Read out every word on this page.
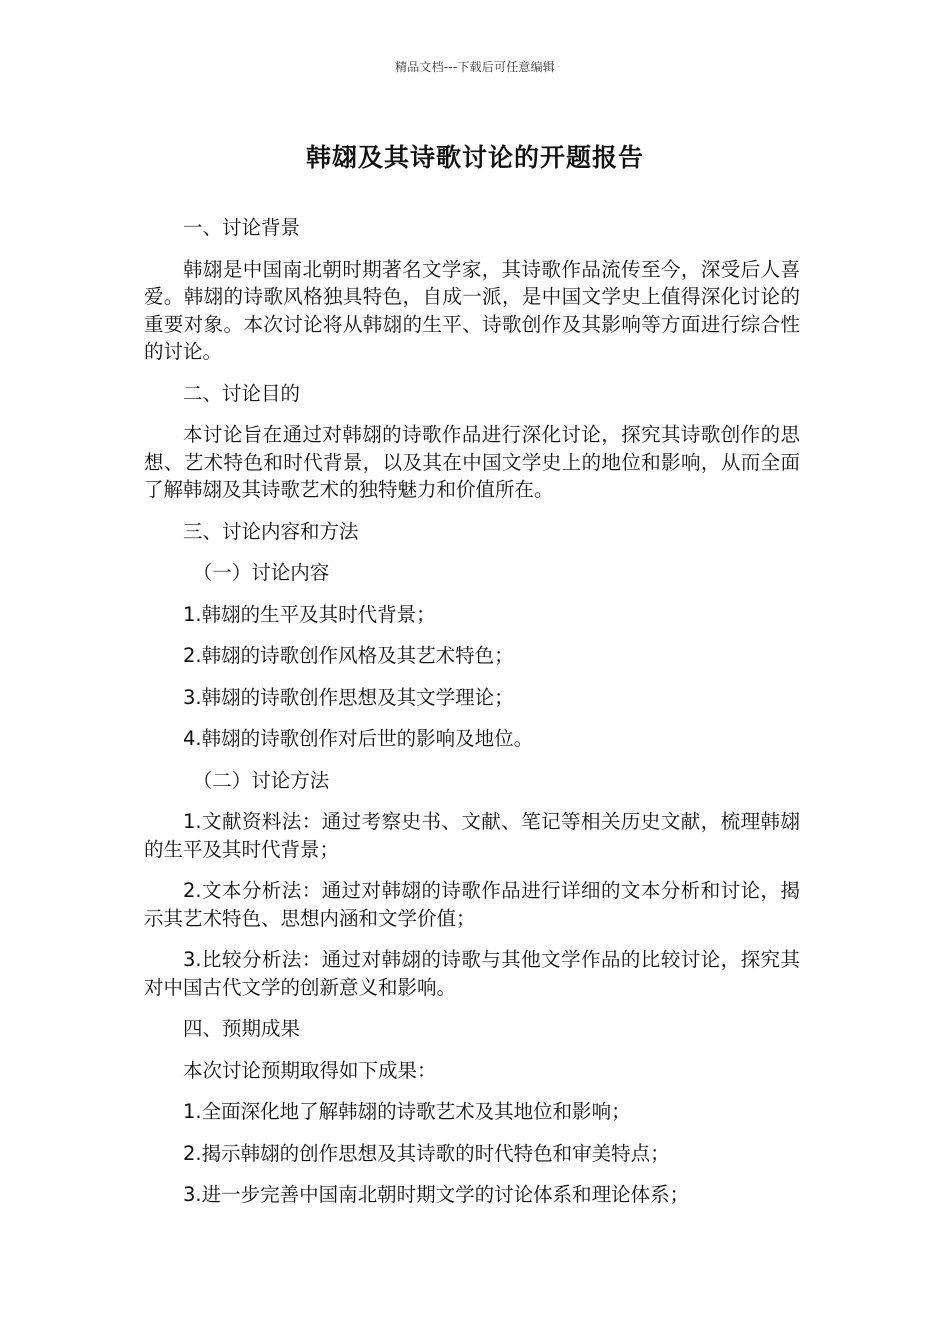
精品文档---下载后可任意编辑
韩翃及其诗歌讨论的开题报告

一、讨论背景

韩翃是中国南北朝时期著名文学家，其诗歌作品流传至今，深受后人喜爱。韩翃的诗歌风格独具特色，自成一派，是中国文学史上值得深化讨论的重要对象。本次讨论将从韩翃的生平、诗歌创作及其影响等方面进行综合性的讨论。

二、讨论目的

本讨论旨在通过对韩翃的诗歌作品进行深化讨论，探究其诗歌创作的思想、艺术特色和时代背景，以及其在中国文学史上的地位和影响，从而全面了解韩翃及其诗歌艺术的独特魅力和价值所在。

三、讨论内容和方法

（一）讨论内容

1.韩翃的生平及其时代背景；

2.韩翃的诗歌创作风格及其艺术特色；

3.韩翃的诗歌创作思想及其文学理论；

4.韩翃的诗歌创作对后世的影响及地位。

（二）讨论方法

1.文献资料法：通过考察史书、文献、笔记等相关历史文献，梳理韩翃的生平及其时代背景；

2.文本分析法：通过对韩翃的诗歌作品进行详细的文本分析和讨论，揭示其艺术特色、思想内涵和文学价值；

3.比较分析法：通过对韩翃的诗歌与其他文学作品的比较讨论，探究其对中国古代文学的创新意义和影响。

四、预期成果

本次讨论预期取得如下成果：

1.全面深化地了解韩翃的诗歌艺术及其地位和影响；

2.揭示韩翃的创作思想及其诗歌的时代特色和审美特点；

3.进一步完善中国南北朝时期文学的讨论体系和理论体系；
